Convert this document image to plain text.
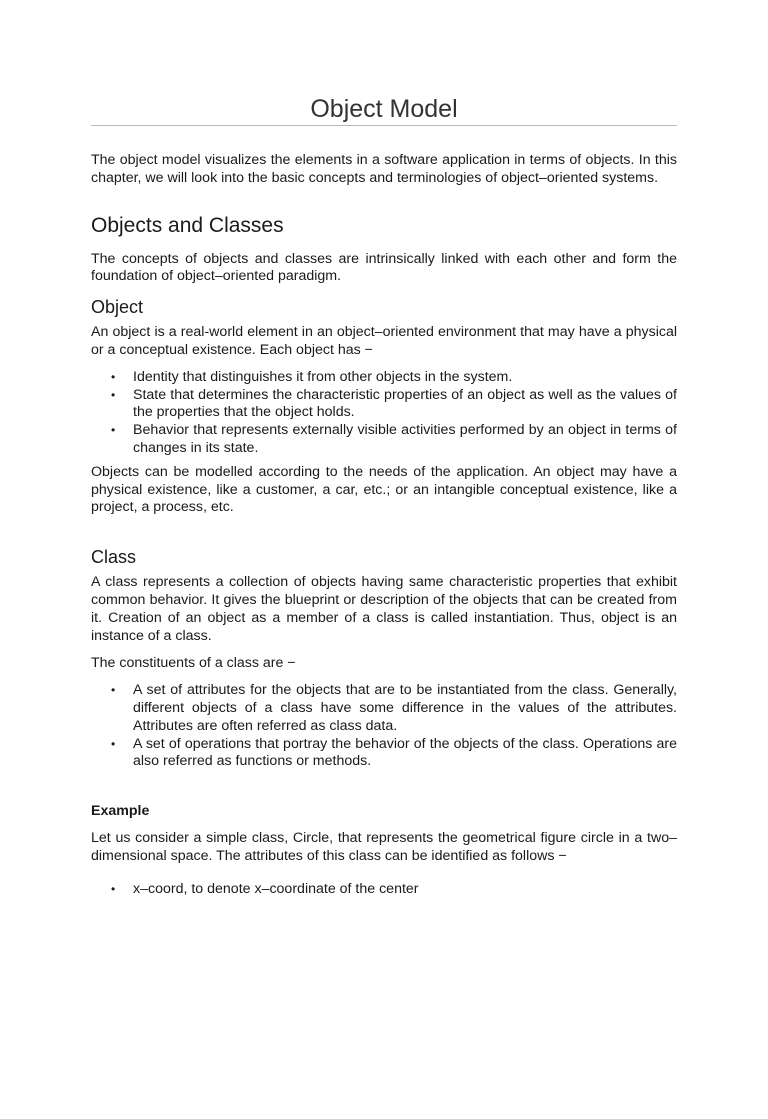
Object Model

The object model visualizes the elements in a software application in terms of objects. In this chapter, we will look into the basic concepts and terminologies of object–oriented systems.

Objects and Classes

The concepts of objects and classes are intrinsically linked with each other and form the foundation of object–oriented paradigm.

Object

An object is a real-world element in an object–oriented environment that may have a physical or a conceptual existence. Each object has −

• Identity that distinguishes it from other objects in the system.
• State that determines the characteristic properties of an object as well as the values of the properties that the object holds.
• Behavior that represents externally visible activities performed by an object in terms of changes in its state.

Objects can be modelled according to the needs of the application. An object may have a physical existence, like a customer, a car, etc.; or an intangible conceptual existence, like a project, a process, etc.

Class

A class represents a collection of objects having same characteristic properties that exhibit common behavior. It gives the blueprint or description of the objects that can be created from it. Creation of an object as a member of a class is called instantiation. Thus, object is an instance of a class.

The constituents of a class are −

• A set of attributes for the objects that are to be instantiated from the class. Generally, different objects of a class have some difference in the values of the attributes. Attributes are often referred as class data.
• A set of operations that portray the behavior of the objects of the class. Operations are also referred as functions or methods.
Example

Let us consider a simple class, Circle, that represents the geometrical figure circle in a two–dimensional space. The attributes of this class can be identified as follows −

• x–coord, to denote x–coordinate of the center
